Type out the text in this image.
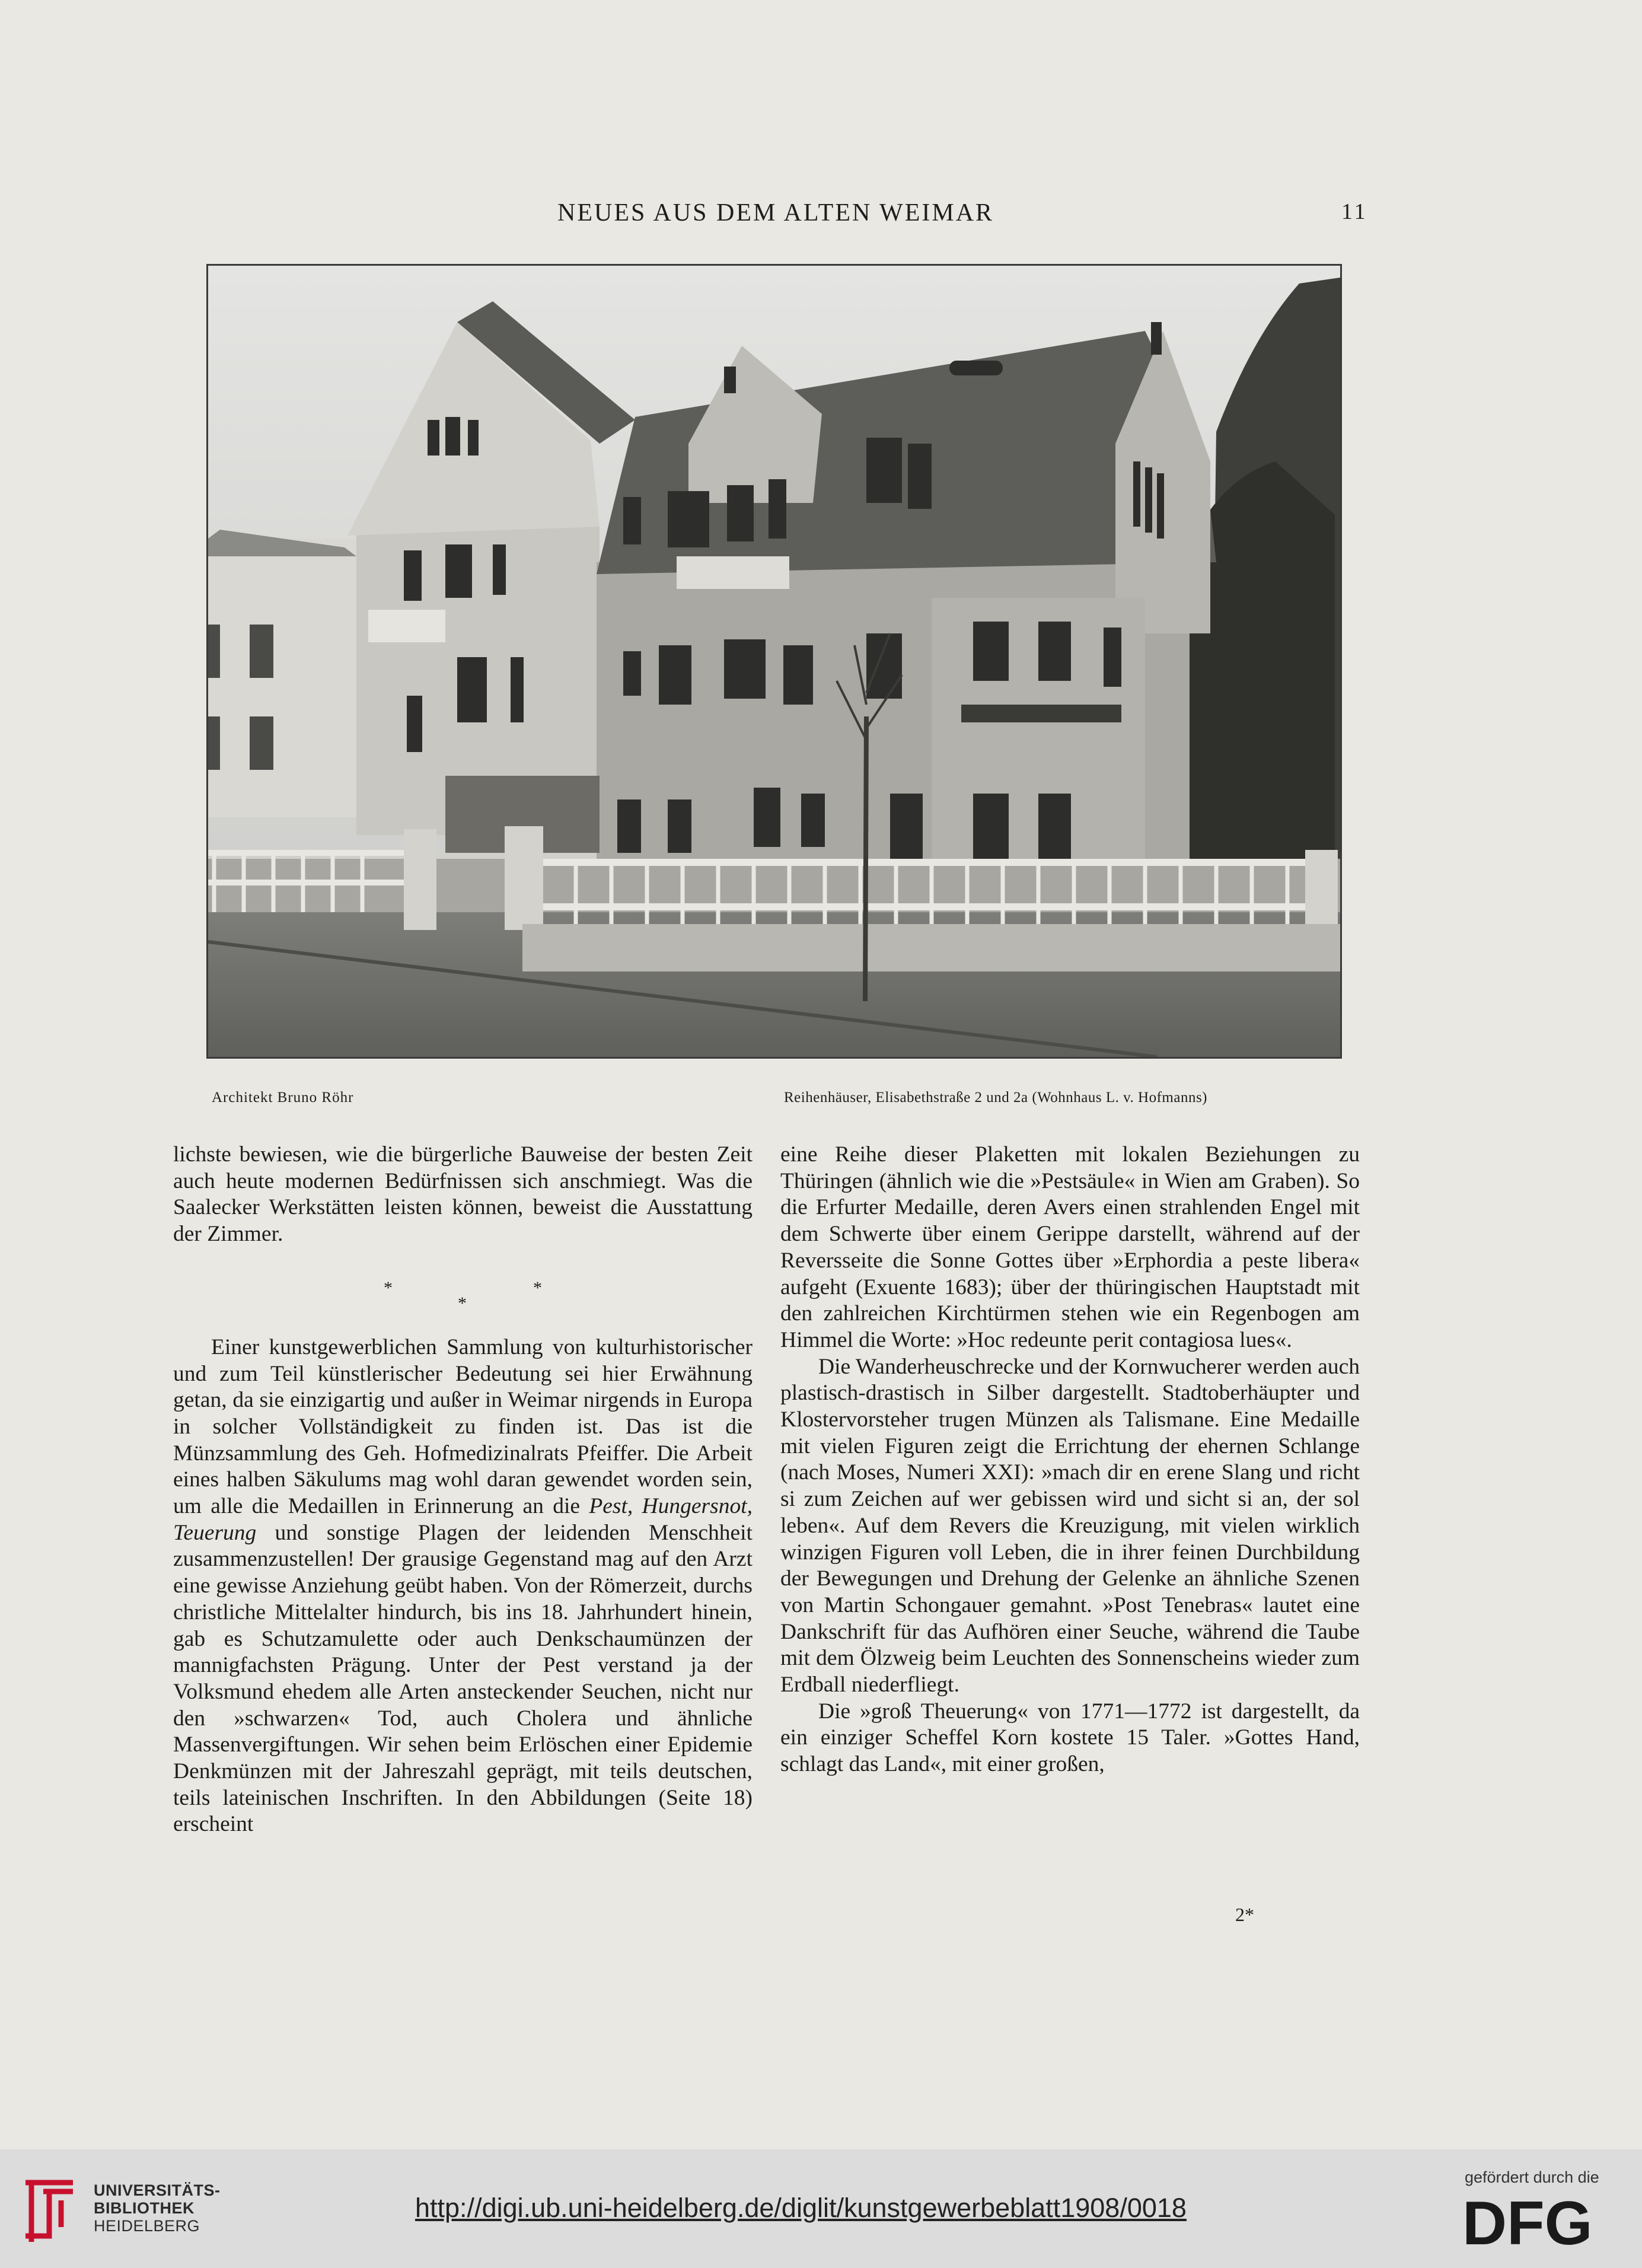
NEUES AUS DEM ALTEN WEIMAR	11
Architekt Bruno Röhr	Reihenhäuser, Elisabethstraße 2 und 2a (Wohnhaus L. v. Hofmanns)

lichste bewiesen, wie die bürgerliche Bauweise der besten Zeit auch heute modernen Bedürfnissen sich anschmiegt. Was die Saalecker Werkstätten leisten können, beweist die Ausstattung der Zimmer.

*
*
*

Einer kunstgewerblichen Sammlung von kulturhistorischer und zum Teil künstlerischer Bedeutung sei hier Erwähnung getan, da sie einzigartig und außer in Weimar nirgends in Europa in solcher Vollständigkeit zu finden ist. Das ist die Münzsammlung des Geh. Hofmedizinalrats Pfeiffer. Die Arbeit eines halben Säkulums mag wohl daran gewendet worden sein, um alle die Medaillen in Erinnerung an die Pest, Hungersnot, Teuerung und sonstige Plagen der leidenden Menschheit zusammenzustellen! Der grausige Gegenstand mag auf den Arzt eine gewisse Anziehung geübt haben. Von der Römerzeit, durchs christliche Mittelalter hindurch, bis ins 18. Jahrhundert hinein, gab es Schutzamulette oder auch Denkschaumünzen der mannigfachsten Prägung. Unter der Pest verstand ja der Volksmund ehedem alle Arten ansteckender Seuchen, nicht nur den »schwarzen« Tod, auch Cholera und ähnliche Massenvergiftungen. Wir sehen beim Erlöschen einer Epidemie Denkmünzen mit der Jahreszahl geprägt, mit teils deutschen, teils lateinischen Inschriften. In den Abbildungen (Seite 18) erscheint

eine Reihe dieser Plaketten mit lokalen Beziehungen zu Thüringen (ähnlich wie die »Pestsäule« in Wien am Graben). So die Erfurter Medaille, deren Avers einen strahlenden Engel mit dem Schwerte über einem Gerippe darstellt, während auf der Reversseite die Sonne Gottes über »Erphordia a peste libera« aufgeht (Exuente 1683); über der thüringischen Hauptstadt mit den zahlreichen Kirchtürmen stehen wie ein Regenbogen am Himmel die Worte: »Hoc redeunte perit contagiosa lues«.

Die Wanderheuschrecke und der Kornwucherer werden auch plastisch-drastisch in Silber dargestellt. Stadtoberhäupter und Klostervorsteher trugen Münzen als Talismane. Eine Medaille mit vielen Figuren zeigt die Errichtung der ehernen Schlange (nach Moses, Numeri XXI): »mach dir en erene Slang und richt si zum Zeichen auf wer gebissen wird und sicht si an, der sol leben«. Auf dem Revers die Kreuzigung, mit vielen wirklich winzigen Figuren voll Leben, die in ihrer feinen Durchbildung der Bewegungen und Drehung der Gelenke an ähnliche Szenen von Martin Schongauer gemahnt. »Post Tenebras« lautet eine Dankschrift für das Aufhören einer Seuche, während die Taube mit dem Ölzweig beim Leuchten des Sonnenscheins wieder zum Erdball niederfliegt.

Die »groß Theuerung« von 1771—1772 ist dargestellt, da ein einziger Scheffel Korn kostete 15 Taler. »Gottes Hand, schlagt das Land«, mit einer großen,

2*
UNIVERSITÄTS-
BIBLIOTHEK
HEIDELBERG
http://digi.ub.uni-heidelberg.de/diglit/kunstgewerbeblatt1908/0018
gefördert durch die
DFG
